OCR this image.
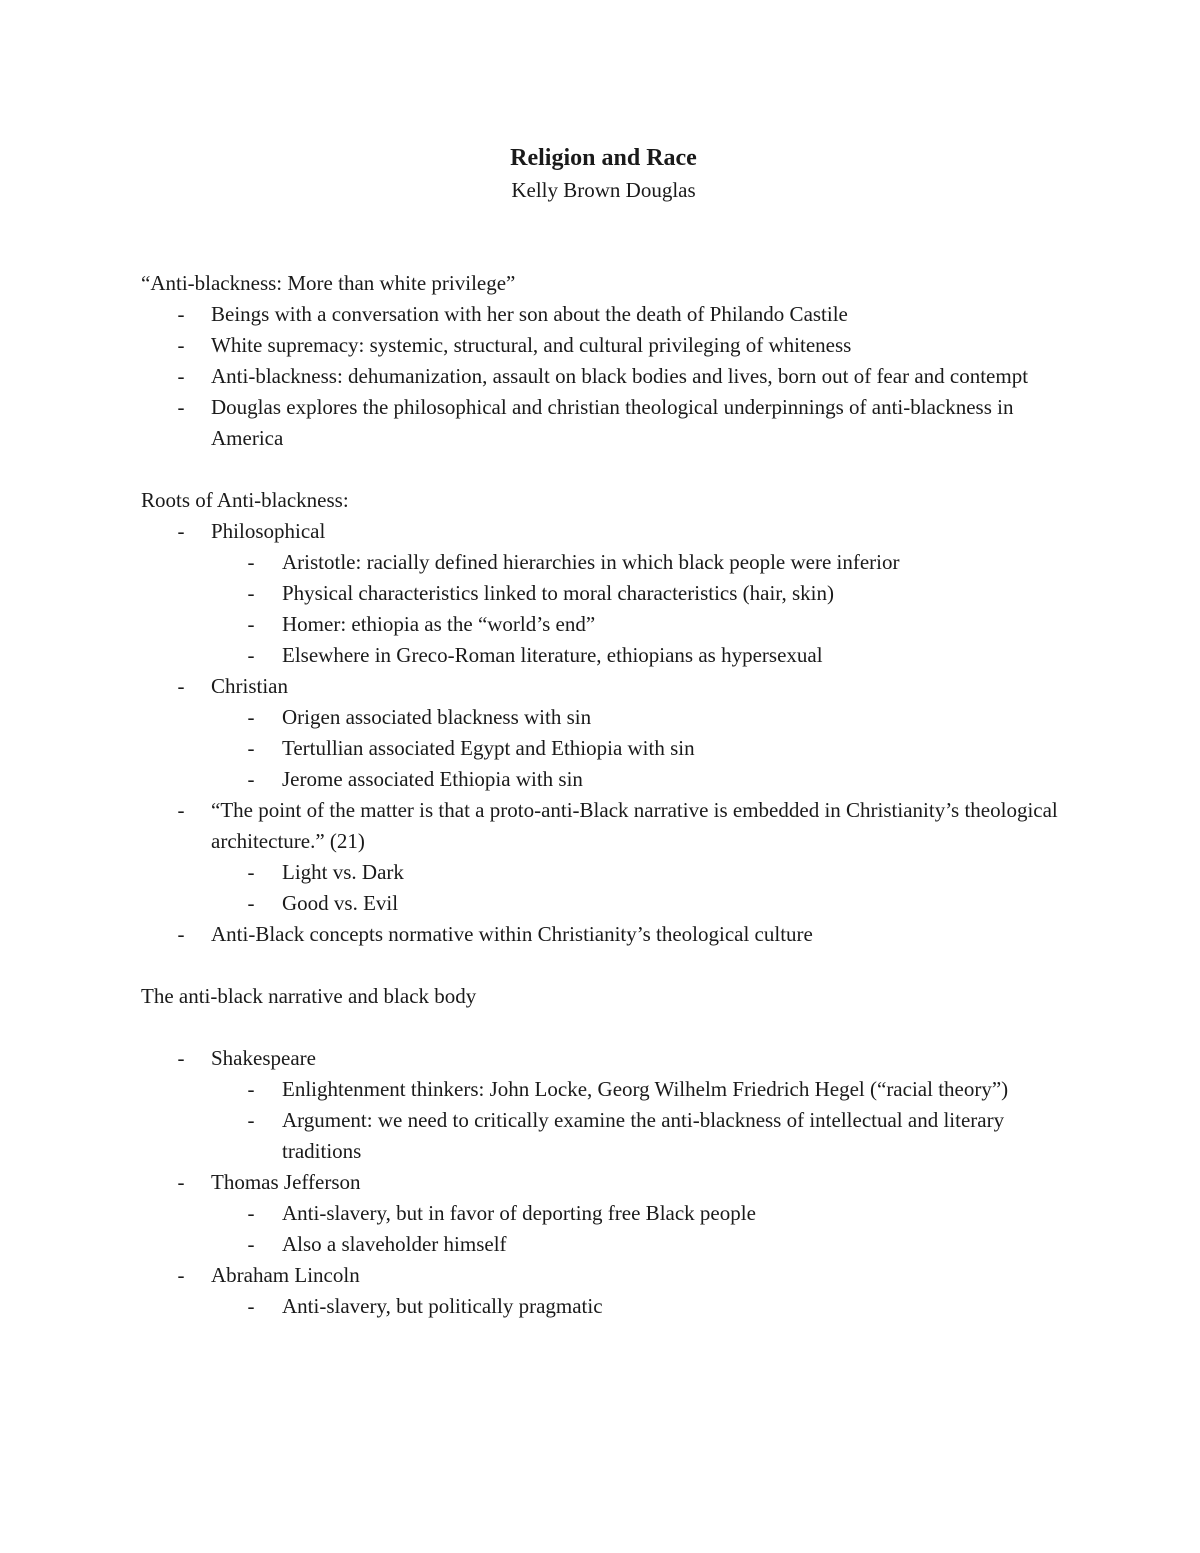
Religion and Race

Kelly Brown Douglas

“Anti-blackness: More than white privilege”

-	Beings with a conversation with her son about the death of Philando Castile
-	White supremacy: systemic, structural, and cultural privileging of whiteness
-	Anti-blackness: dehumanization, assault on black bodies and lives, born out of fear and contempt
-	Douglas explores the philosophical and christian theological underpinnings of anti-blackness in America

Roots of Anti-blackness:

-	Philosophical
-	Aristotle: racially defined hierarchies in which black people were inferior
-	Physical characteristics linked to moral characteristics (hair, skin)
-	Homer: ethiopia as the “world’s end”
-	Elsewhere in Greco-Roman literature, ethiopians as hypersexual
-	Christian
-	Origen associated blackness with sin
-	Tertullian associated Egypt and Ethiopia with sin
-	Jerome associated Ethiopia with sin
-	“The point of the matter is that a proto-anti-Black narrative is embedded in Christianity’s theological architecture.” (21)
-	Light vs. Dark
-	Good vs. Evil
-	Anti-Black concepts normative within Christianity’s theological culture

The anti-black narrative and black body

-	Shakespeare
-	Enlightenment thinkers: John Locke, Georg Wilhelm Friedrich Hegel (“racial theory”)
-	Argument: we need to critically examine the anti-blackness of intellectual and literary traditions
-	Thomas Jefferson
-	Anti-slavery, but in favor of deporting free Black people
-	Also a slaveholder himself
-	Abraham Lincoln
-	Anti-slavery, but politically pragmatic
